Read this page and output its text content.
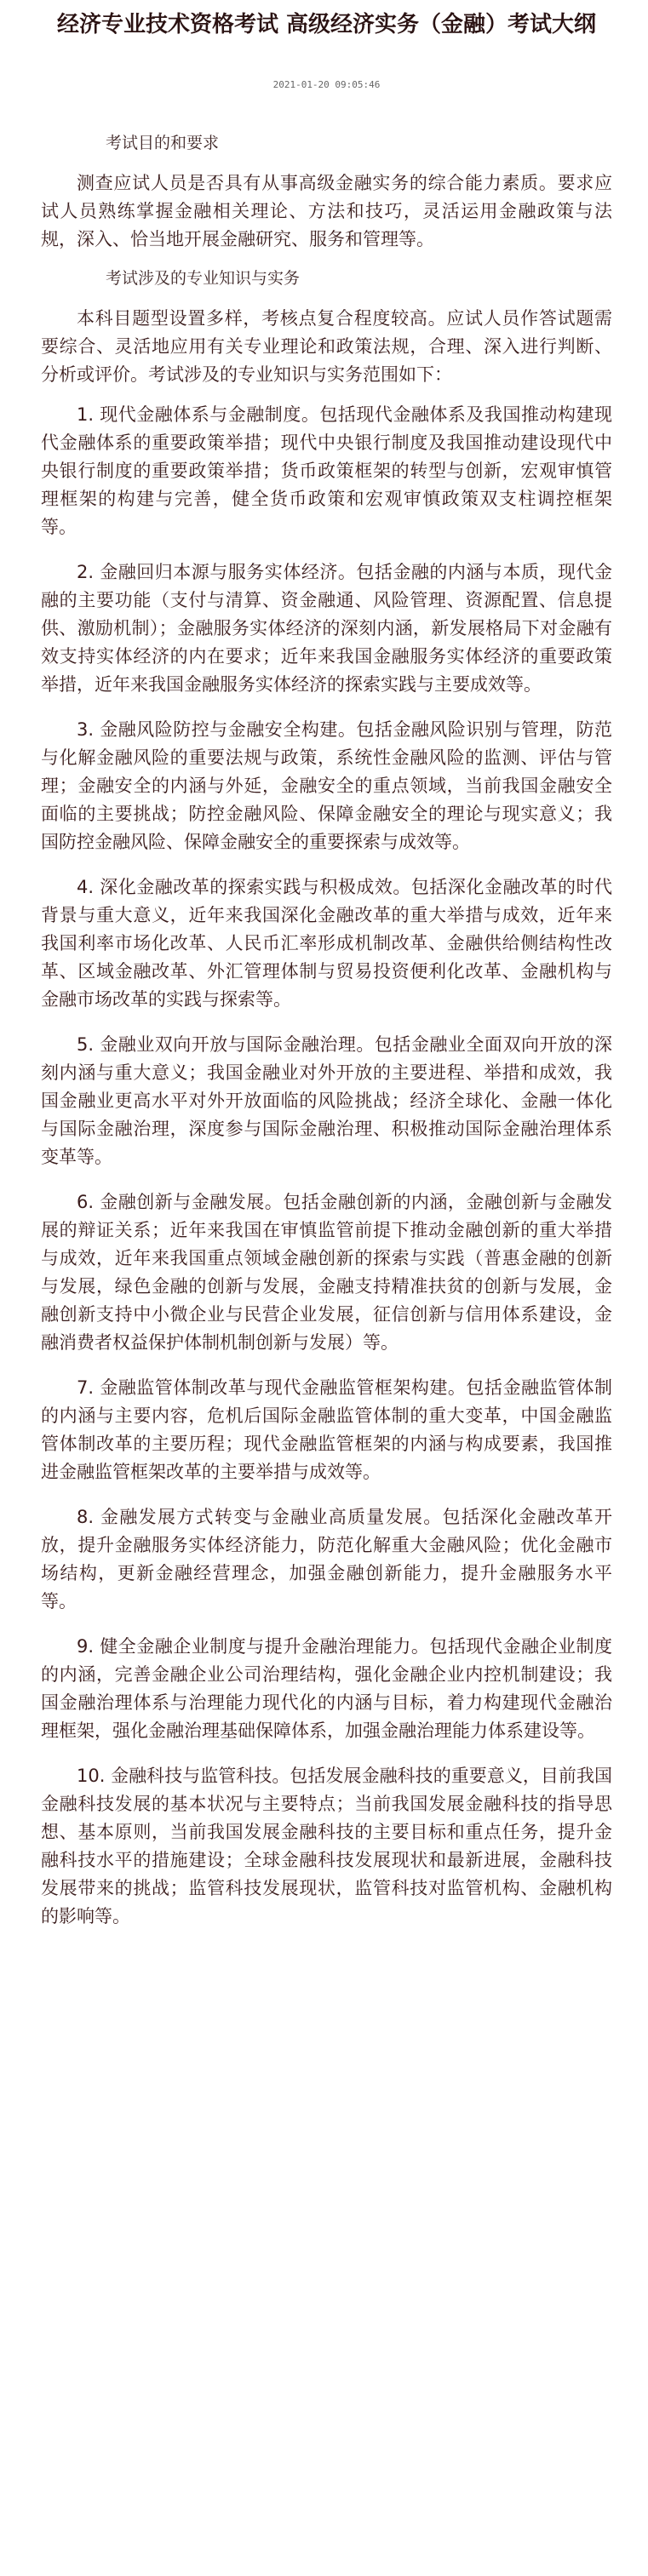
经济专业技术资格考试 高级经济实务（金融）考试大纲
2021-01-20 09:05:46
考试目的和要求

测查应试人员是否具有从事高级金融实务的综合能力素质。要求应试人员熟练掌握金融相关理论、方法和技巧，灵活运用金融政策与法规，深入、恰当地开展金融研究、服务和管理等。

考试涉及的专业知识与实务

本科目题型设置多样，考核点复合程度较高。应试人员作答试题需要综合、灵活地应用有关专业理论和政策法规，合理、深入进行判断、分析或评价。考试涉及的专业知识与实务范围如下：

1. 现代金融体系与金融制度。包括现代金融体系及我国推动构建现代金融体系的重要政策举措；现代中央银行制度及我国推动建设现代中央银行制度的重要政策举措；货币政策框架的转型与创新，宏观审慎管理框架的构建与完善，健全货币政策和宏观审慎政策双支柱调控框架等。

2. 金融回归本源与服务实体经济。包括金融的内涵与本质，现代金融的主要功能（支付与清算、资金融通、风险管理、资源配置、信息提供、激励机制）；金融服务实体经济的深刻内涵，新发展格局下对金融有效支持实体经济的内在要求；近年来我国金融服务实体经济的重要政策举措，近年来我国金融服务实体经济的探索实践与主要成效等。

3. 金融风险防控与金融安全构建。包括金融风险识别与管理，防范与化解金融风险的重要法规与政策，系统性金融风险的监测、评估与管理；金融安全的内涵与外延，金融安全的重点领域，当前我国金融安全面临的主要挑战；防控金融风险、保障金融安全的理论与现实意义；我国防控金融风险、保障金融安全的重要探索与成效等。

4. 深化金融改革的探索实践与积极成效。包括深化金融改革的时代背景与重大意义，近年来我国深化金融改革的重大举措与成效，近年来我国利率市场化改革、人民币汇率形成机制改革、金融供给侧结构性改革、区域金融改革、外汇管理体制与贸易投资便利化改革、金融机构与金融市场改革的实践与探索等。

5. 金融业双向开放与国际金融治理。包括金融业全面双向开放的深刻内涵与重大意义；我国金融业对外开放的主要进程、举措和成效，我国金融业更高水平对外开放面临的风险挑战；经济全球化、金融一体化与国际金融治理，深度参与国际金融治理、积极推动国际金融治理体系变革等。

6. 金融创新与金融发展。包括金融创新的内涵，金融创新与金融发展的辩证关系；近年来我国在审慎监管前提下推动金融创新的重大举措与成效，近年来我国重点领域金融创新的探索与实践（普惠金融的创新与发展，绿色金融的创新与发展，金融支持精准扶贫的创新与发展，金融创新支持中小微企业与民营企业发展，征信创新与信用体系建设，金融消费者权益保护体制机制创新与发展）等。

7. 金融监管体制改革与现代金融监管框架构建。包括金融监管体制的内涵与主要内容，危机后国际金融监管体制的重大变革，中国金融监管体制改革的主要历程；现代金融监管框架的内涵与构成要素，我国推进金融监管框架改革的主要举措与成效等。

8. 金融发展方式转变与金融业高质量发展。包括深化金融改革开放，提升金融服务实体经济能力，防范化解重大金融风险；优化金融市场结构，更新金融经营理念，加强金融创新能力，提升金融服务水平等。

9. 健全金融企业制度与提升金融治理能力。包括现代金融企业制度的内涵，完善金融企业公司治理结构，强化金融企业内控机制建设；我国金融治理体系与治理能力现代化的内涵与目标，着力构建现代金融治理框架，强化金融治理基础保障体系，加强金融治理能力体系建设等。

10. 金融科技与监管科技。包括发展金融科技的重要意义，目前我国金融科技发展的基本状况与主要特点；当前我国发展金融科技的指导思想、基本原则，当前我国发展金融科技的主要目标和重点任务，提升金融科技水平的措施建设；全球金融科技发展现状和最新进展，金融科技发展带来的挑战；监管科技发展现状，监管科技对监管机构、金融机构的影响等。
